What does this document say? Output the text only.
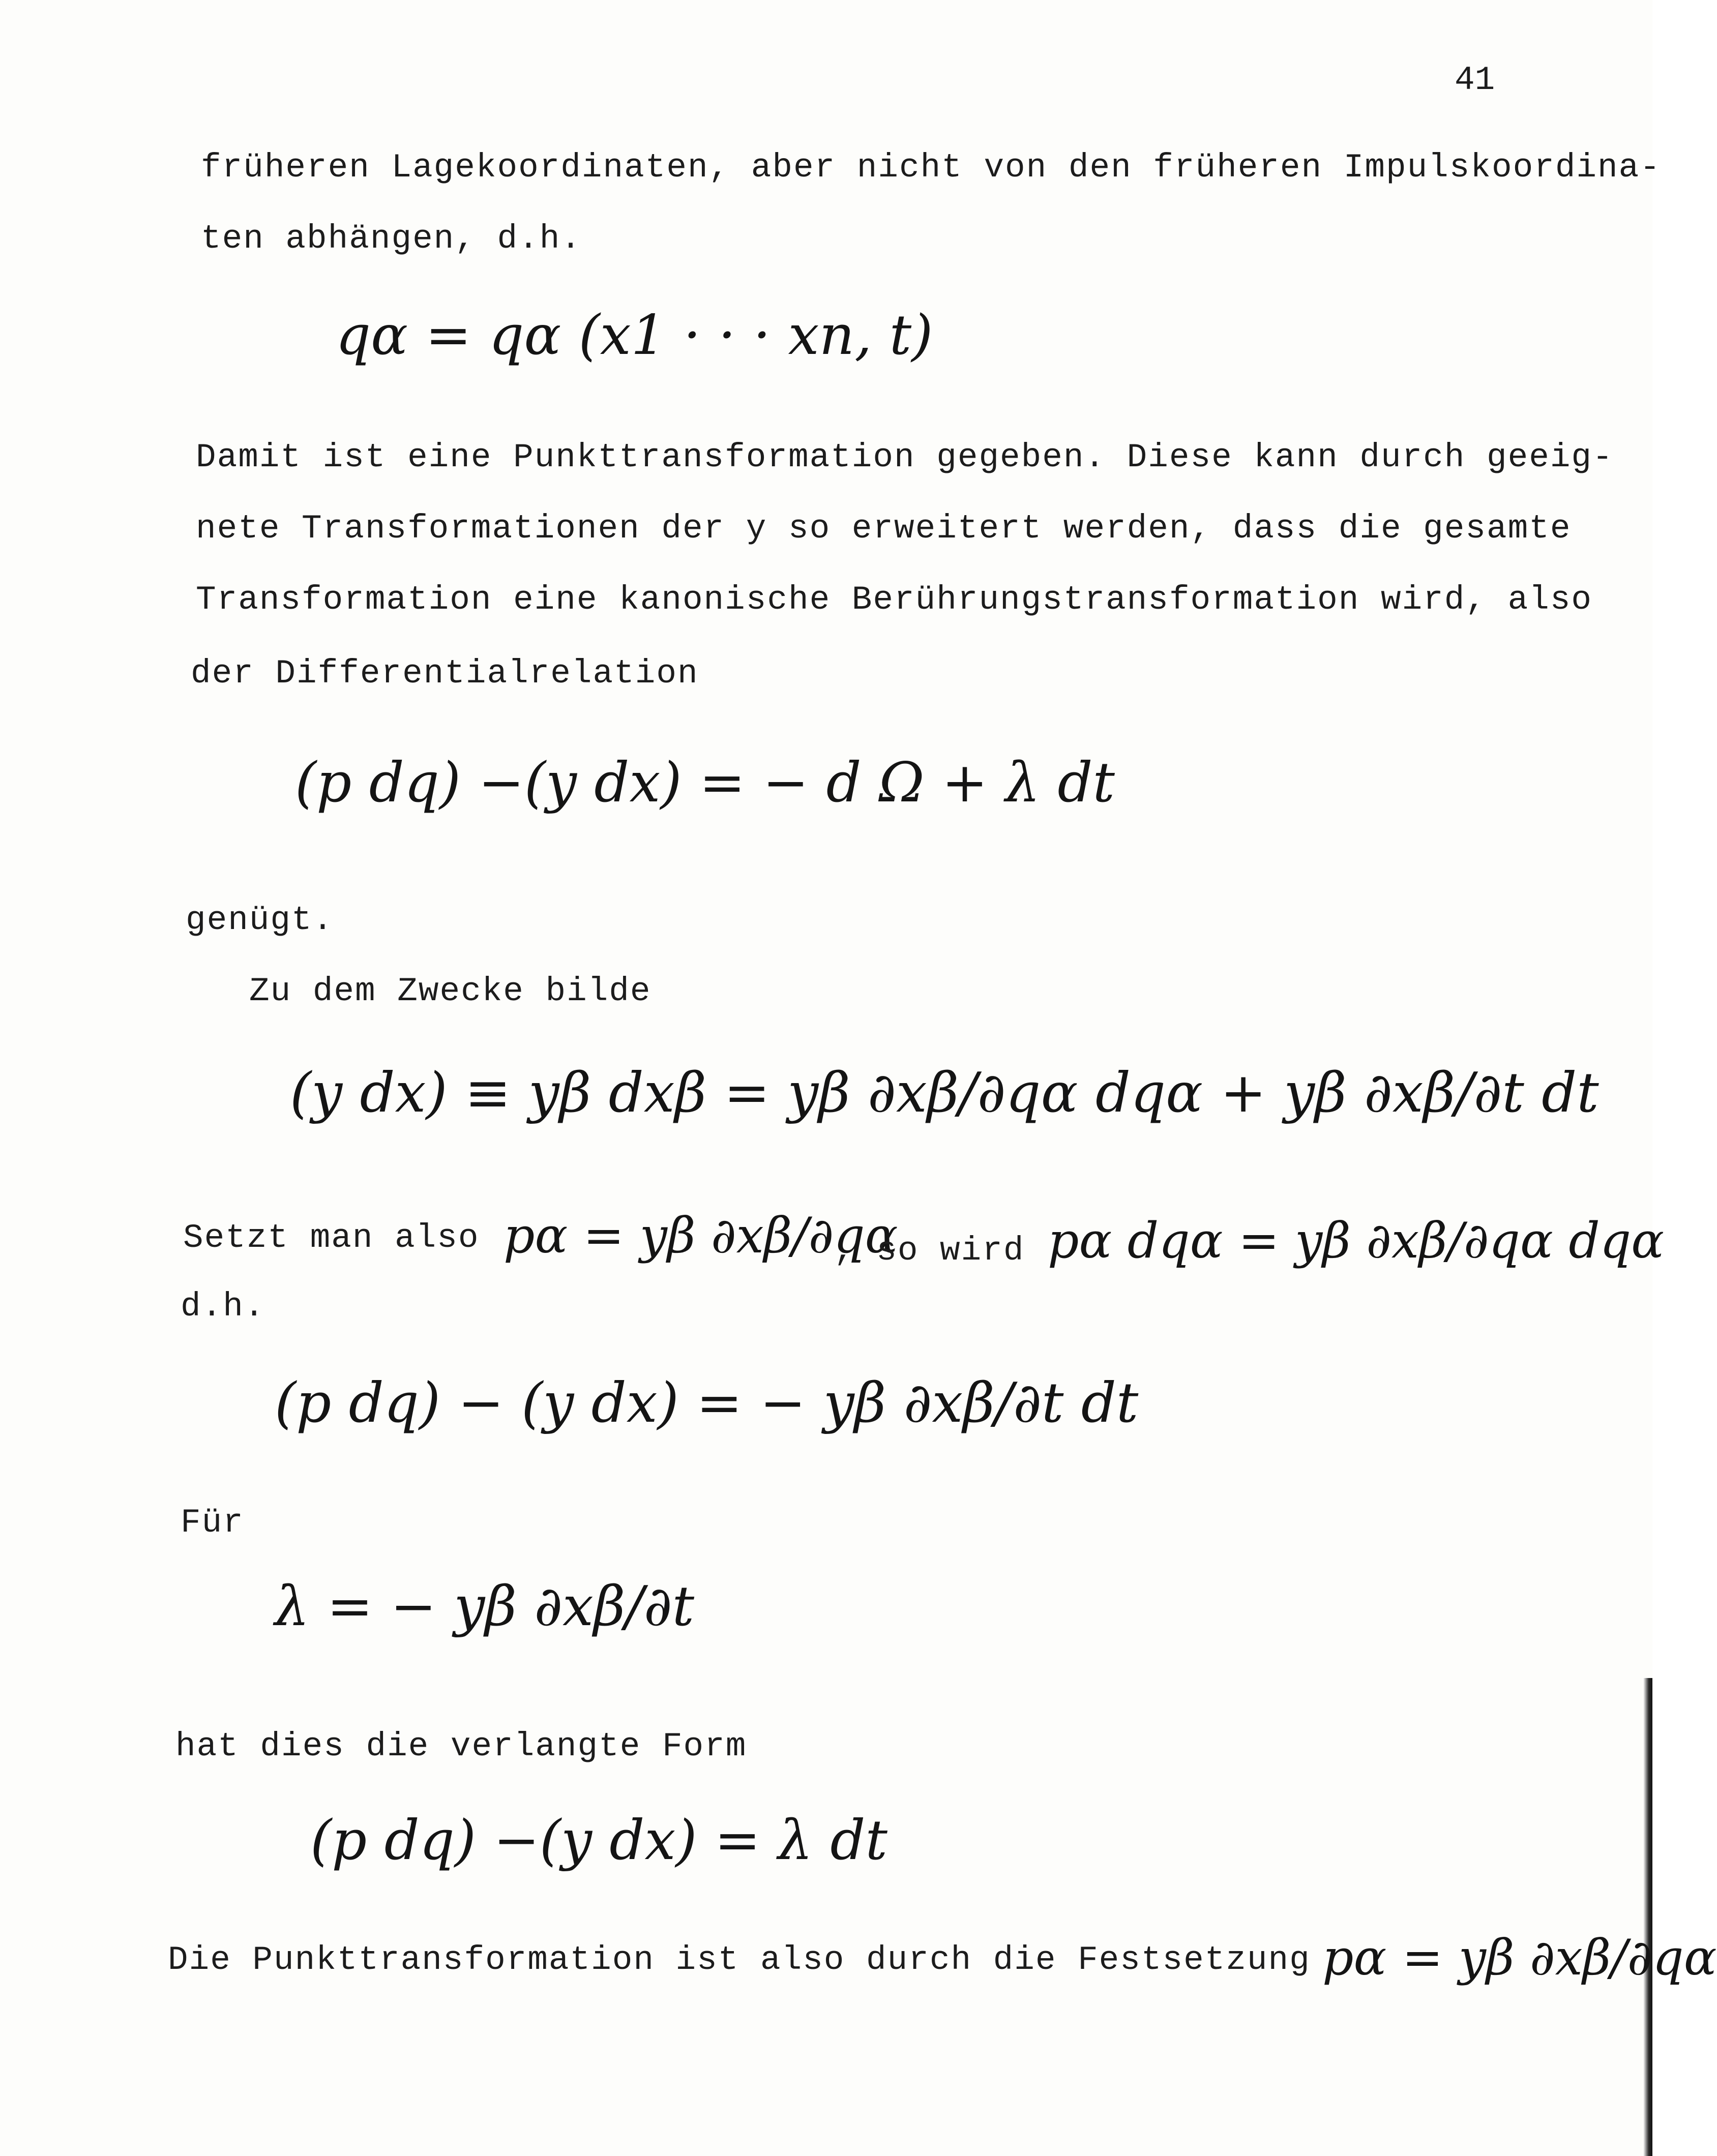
41
früheren Lagekoordinaten, aber nicht von den früheren Impulskoordina-
ten abhängen, d.h.
qα = qα (x1 · · · xn, t)
Damit ist eine Punkttransformation gegeben. Diese kann durch geeig-
nete Transformationen der y so erweitert werden, dass die gesamte
Transformation eine kanonische Berührungstransformation wird, also
der Differentialrelation
(p dq) −(y dx) = − d Ω + λ dt
genügt.
Zu dem Zwecke bilde
(y dx) ≡ yβ dxβ = yβ ∂xβ/∂qα dqα + yβ ∂xβ/∂t dt
Setzt man also pα = yβ ∂xβ/∂qα
, so wird pα dqα = yβ ∂xβ/∂qα dqα
d.h.
(p dq) − (y dx) = − yβ ∂xβ/∂t dt
Für
λ = − yβ ∂xβ/∂t
hat dies die verlangte Form
(p dq) −(y dx) = λ dt
Die Punkttransformation ist also durch die Festsetzung pα = yβ ∂xβ/∂qα
